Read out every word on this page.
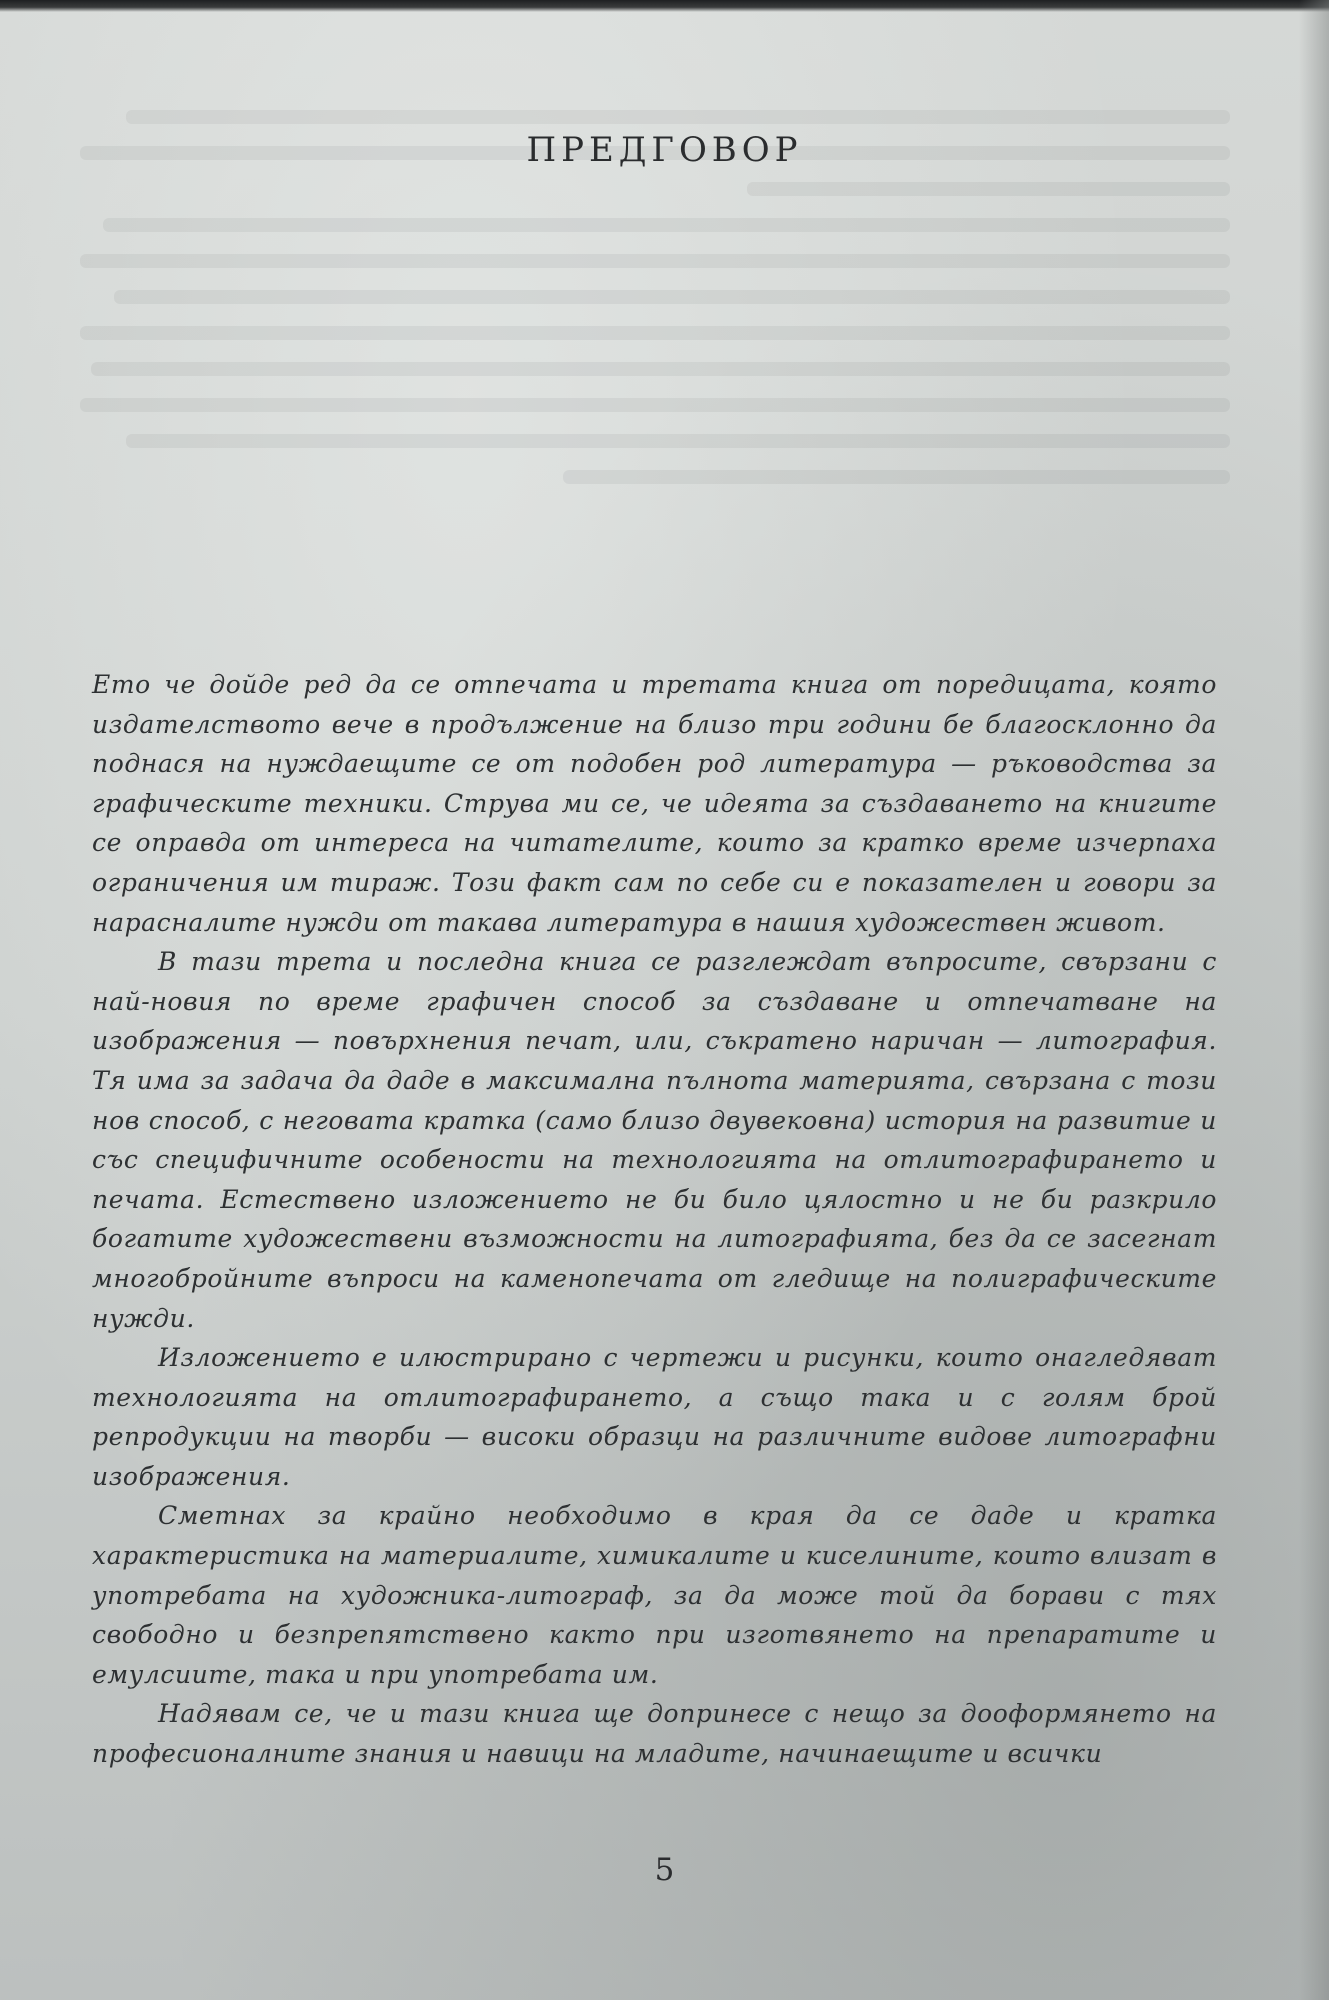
ПРЕДГОВОР

Ето че дойде ред да се отпечата и третата книга от поредицата, която издателството вече в продължение на близо три години бе благосклонно да поднася на нуждаещите се от подобен род литература — ръководства за графическите техники. Струва ми се, че идеята за създаването на книгите се оправда от интереса на читателите, които за кратко време изчерпаха ограничения им тираж. Този факт сам по себе си е показателен и говори за нарасналите нужди от такава литература в нашия художествен живот.

В тази трета и последна книга се разглеждат въпросите, свързани с най-новия по време графичен способ за създаване и отпечатване на изображения — повърхнения печат, или, съкратено наричан — литография. Тя има за задача да даде в максимална пълнота материята, свързана с този нов способ, с неговата кратка (само близо двувековна) история на развитие и със специфичните особености на технологията на отлитографирането и печата. Естествено изложението не би било цялостно и не би разкрило богатите художествени възможности на литографията, без да се засегнат многобройните въпроси на каменопечата от гледище на полиграфическите нужди.

Изложението е илюстрирано с чертежи и рисунки, които онагледяват технологията на отлитографирането, а също така и с голям брой репродукции на творби — високи образци на различните видове литографни изображения.

Сметнах за крайно необходимо в края да се даде и кратка характеристика на материалите, химикалите и киселините, които влизат в употребата на художника-литограф, за да може той да борави с тях свободно и безпрепятствено както при изготвянето на препаратите и емулсиите, така и при употребата им.

Надявам се, че и тази книга ще допринесе с нещо за дооформянето на професионалните знания и навици на младите, начинаещите и всички

5
